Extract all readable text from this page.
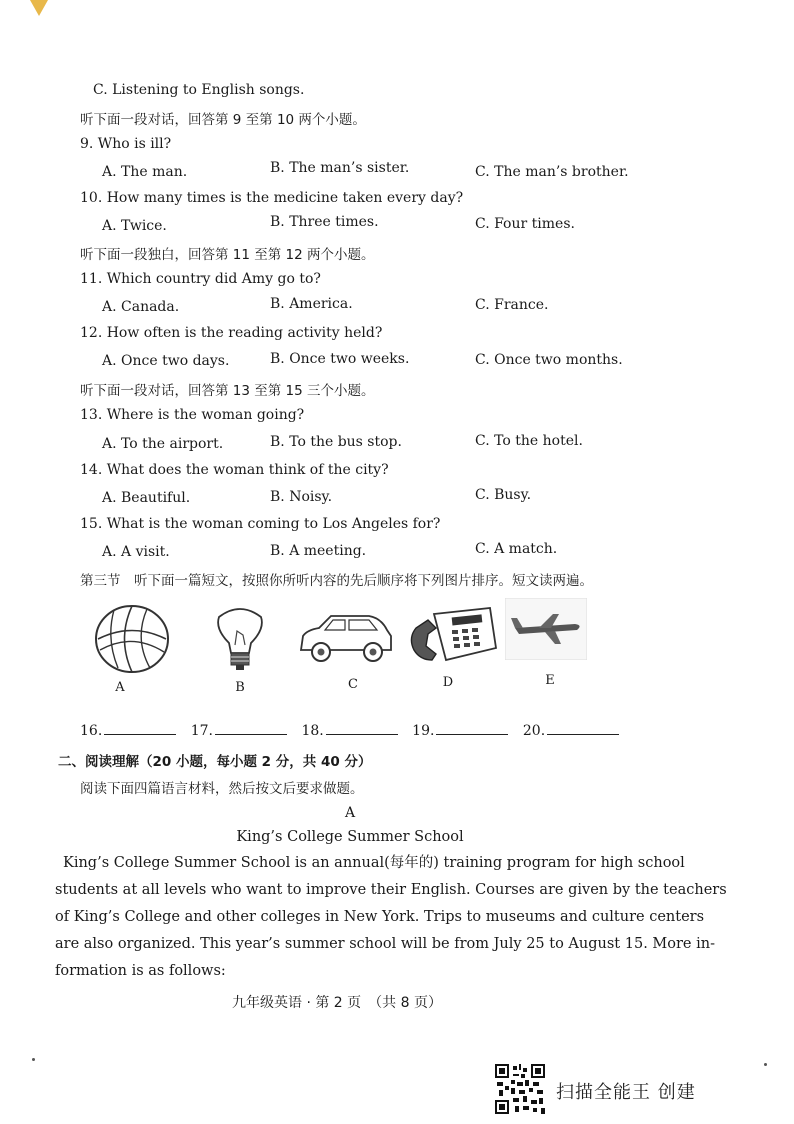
C. Listening to English songs.
听下面一段对话，回答第 9 至第 10 两个小题。
9. Who is ill?
A. The man.	B. The man’s sister.	C. The man’s brother.
10. How many times is the medicine taken every day?
A. Twice.	B. Three times.	C. Four times.
听下面一段独白，回答第 11 至第 12 两个小题。
11. Which country did Amy go to?
A. Canada.	B. America.	C. France.
12. How often is the reading activity held?
A. Once two days.	B. Once two weeks.	C. Once two months.
听下面一段对话，回答第 13 至第 15 三个小题。
13. Where is the woman going?
A. To the airport.	B. To the bus stop.	C. To the hotel.
14. What does the woman think of the city?
A. Beautiful.	B. Noisy.	C. Busy.
15. What is the woman coming to Los Angeles for?
A. A visit.	B. A meeting.	C. A match.
第三节　听下面一篇短文，按照你所听内容的先后顺序将下列图片排序。短文读两遍。
A	B	C	D	E
16.	17.	18.	19.	20.
二、阅读理解（20 小题，每小题 2 分，共 40 分）
阅读下面四篇语言材料，然后按文后要求做题。
A
King’s College Summer School
King’s College Summer School is an annual(每年的) training program for high school
students at all levels who want to improve their English. Courses are given by the teachers
of King’s College and other colleges in New York. Trips to museums and culture centers
are also organized. This year’s summer school will be from July 25 to August 15. More in-
formation is as follows:
九年级英语 · 第 2 页　（共 8 页）
扫描全能王 创建
